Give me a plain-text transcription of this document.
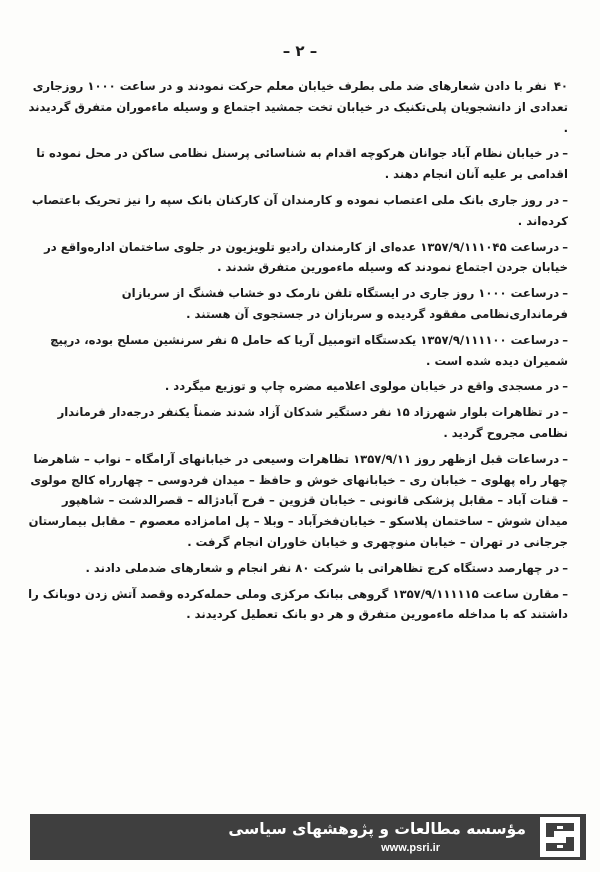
– ۲ –

۴۰ نفر با دادن شعارهای ضد ملی بطرف خیابان معلم حرکت نمودند و در ساعت ۱۰۰۰ روزجاری تعدادی از دانشجویان پلی‌تکنیک در خیابان تخت جمشید اجتماع و وسیله ماءموران متفرق گردیدند .

–در خیابان نظام آباد جوانان هرکوچه اقدام به شناسائی پرسنل نظامی ساکن در محل نموده تا اقدامی بر علیه آنان انجام دهند .

–در روز جاری بانک ملی اعتصاب نموده و کارمندان آن کارکنان بانک سپه را نیز تحریک باعتصاب کرده‌اند .

–درساعت ۱۳۵۷/۹/۱۱۱۰۴۵ عده‌ای از کارمندان رادیو تلویزیون در جلوی ساختمان اداره‌واقع در خیابان جردن اجتماع نمودند که وسیله ماءمورین متفرق شدند .

–درساعت ۱۰۰۰ روز جاری در ایستگاه تلفن نارمک دو خشاب فشنگ از سربازان فرمانداری‌نظامی مفقود گردیده و سربازان در جستجوی آن هستند .

–درساعت ۱۳۵۷/۹/۱۱۱۱۰۰ یکدستگاه اتومبیل آریا که حامل ۵ نفر سرنشین مسلح بوده، درپیچ شمیران دیده شده است .

–در مسجدی واقع در خیابان مولوی اعلامیه مضره چاپ و توزیع میگردد .

–در تظاهرات بلوار شهرزاد ۱۵ نفر دستگیر شدکان آزاد شدند ضمناً یکنفر درجه‌دار فرماندار نظامی مجروح گردید .

–درساعات قبل ازظهر روز ۱۳۵۷/۹/۱۱ تظاهرات وسیعی در خیابانهای آرامگاه – نواب – شاهرضا چهار راه پهلوی – خیابان ری – خیابانهای خوش و حافظ – میدان فردوسی – چهارراه کالج مولوی – قنات آباد – مقابل پزشکی قانونی – خیابان قزوین – فرح آباد‌ژاله – قصرالدشت – شاهپور میدان شوش – ساختمان پلاسکو – خیابان‌فخرآباد – وبلا – پل امامزاده معصوم – مقابل بیمارستان جرجانی در تهران – خیابان منوچهری و خیابان خاوران انجام گرفت .

–در چهارصد دستگاه کرج تظاهراتی با شرکت ۸۰ نفر انجام و شعارهای ضدملی دادند .

–مقارن ساعت ۱۳۵۷/۹/۱۱۱۱۱۵ گروهی ببانک مرکزی وملی حمله‌کرده وقصد آتش زدن دوبانک را داشتند که با مداخله ماءمورین متفرق و هر دو بانک تعطیل کردیدند .

مؤسسه مطالعات و پژوهشهای سیاسی
www.psri.ir
